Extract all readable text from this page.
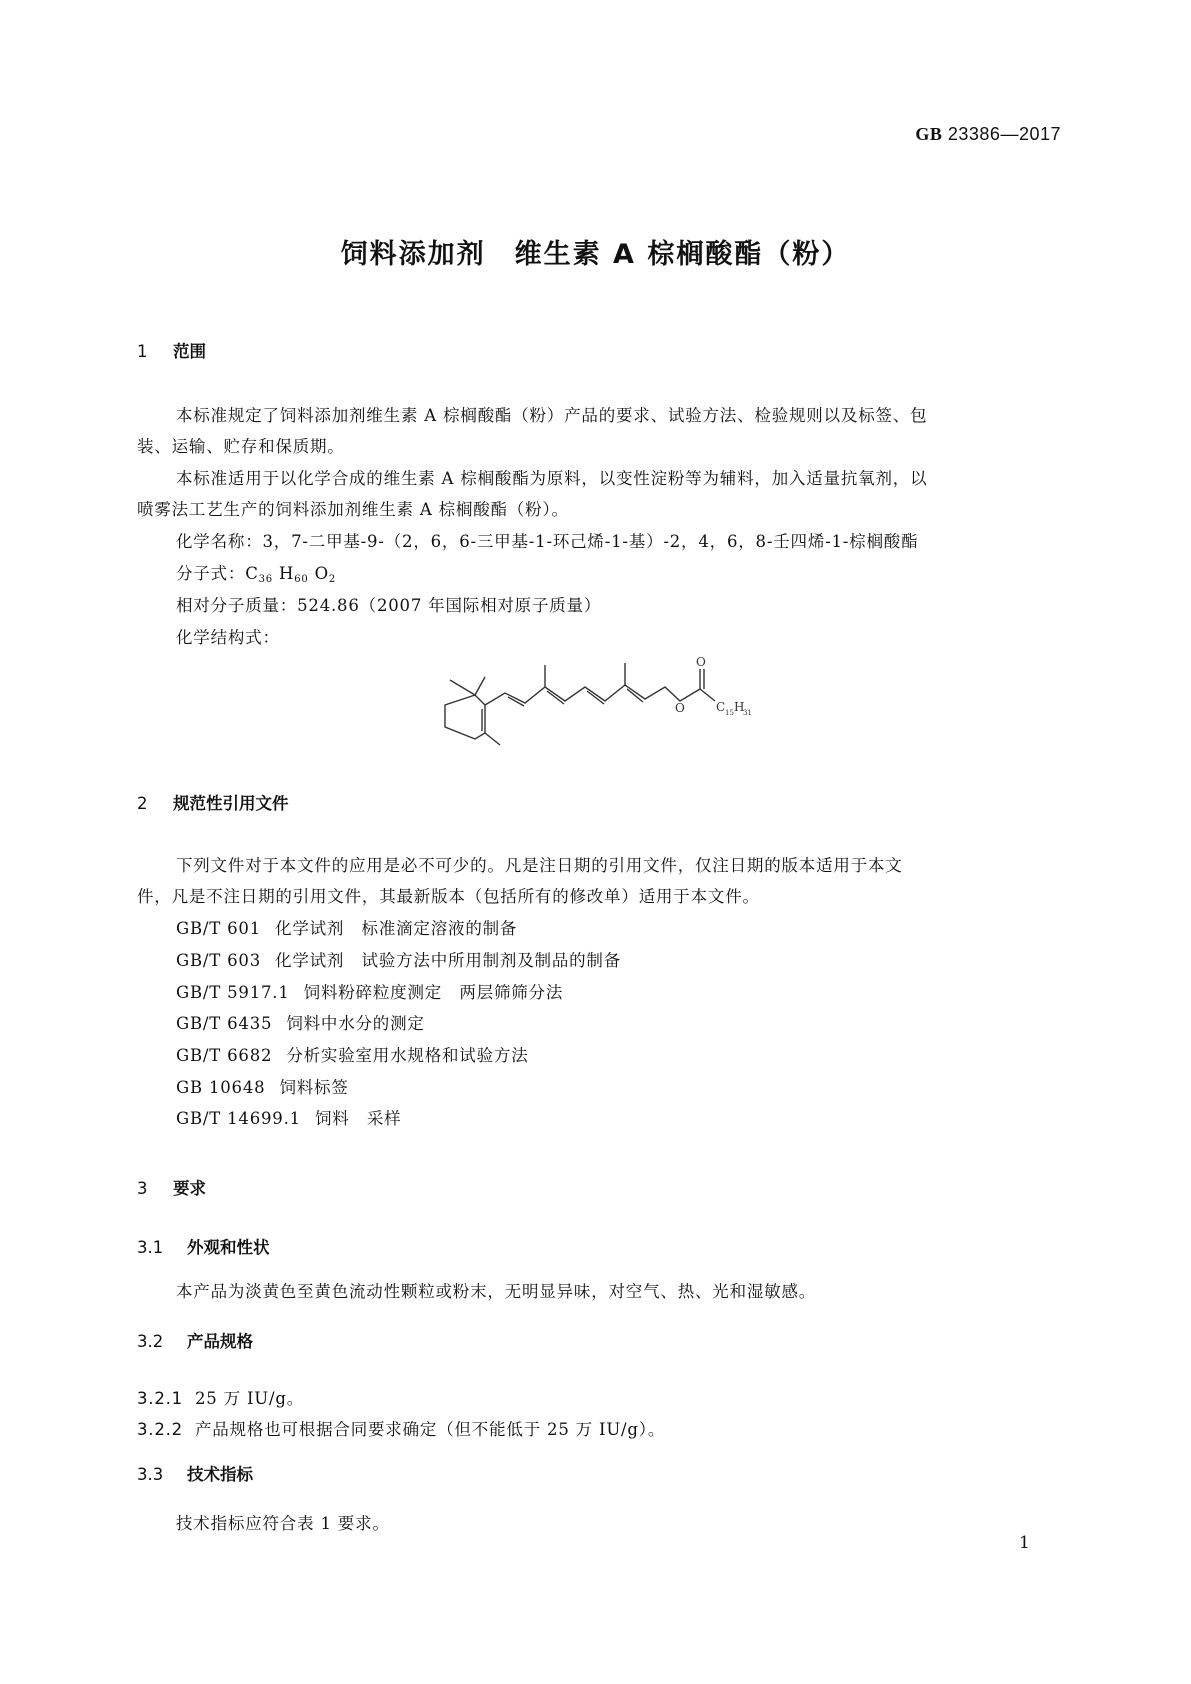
GB 23386—2017
饲料添加剂　维生素 A 棕榈酸酯（粉）
1 范围
本标准规定了饲料添加剂维生素 A 棕榈酸酯（粉）产品的要求、试验方法、检验规则以及标签、包
装、运输、贮存和保质期。
本标准适用于以化学合成的维生素 A 棕榈酸酯为原料，以变性淀粉等为辅料，加入适量抗氧剂，以
喷雾法工艺生产的饲料添加剂维生素 A 棕榈酸酯（粉）。
化学名称：3，7-二甲基-9-（2，6，6-三甲基-1-环己烯-1-基）-2，4，6，8-壬四烯-1-棕榈酸酯
分子式：$C_{36}$ $H_{60}$ $O_2$
相对分子质量：524.86（2007 年国际相对原子质量）
化学结构式：
O
O	C 15 H
31
2 规范性引用文件
下列文件对于本文件的应用是必不可少的。凡是注日期的引用文件，仅注日期的版本适用于本文
件，凡是不注日期的引用文件，其最新版本（包括所有的修改单）适用于本文件。
GB/T 601 化学试剂　标准滴定溶液的制备
GB/T 603 化学试剂　试验方法中所用制剂及制品的制备
GB/T 5917.1 饲料粉碎粒度测定　两层筛筛分法
GB/T 6435 饲料中水分的测定
GB/T 6682 分析实验室用水规格和试验方法
GB 10648 饲料标签
GB/T 14699.1 饲料　采样
3 要求
3.1 外观和性状
本产品为淡黄色至黄色流动性颗粒或粉末，无明显异味，对空气、热、光和湿敏感。
3.2 产品规格
3.2.1 25 万 IU/g。
3.2.2 产品规格也可根据合同要求确定（但不能低于 25 万 IU/g）。
3.3 技术指标
技术指标应符合表 1 要求。
1
